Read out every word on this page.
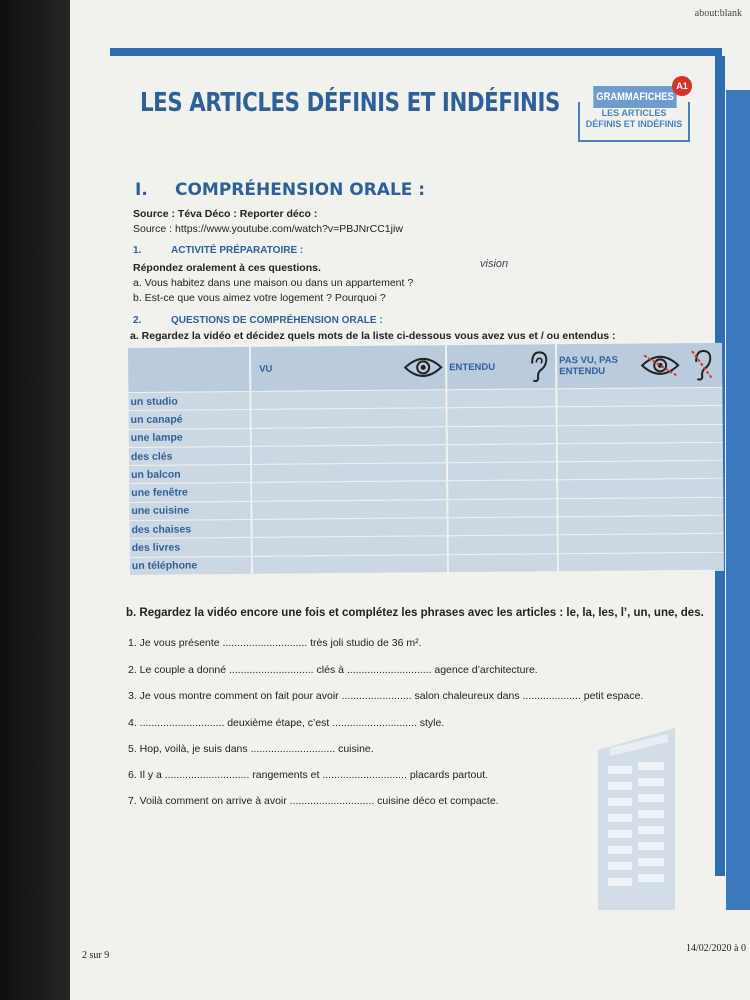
about:blank
LES ARTICLES DÉFINIS ET INDÉFINIS	LES ARTICLES
DÉFINIS ET INDÉFINIS
GRAMMAFICHES
A1
I. COMPRÉHENSION ORALE :
Source : Téva Déco : Reporter déco :
Source : https://www.youtube.com/watch?v=PBJNrCC1jiw
1.	ACTIVITÉ PRÉPARATOIRE :
Répondez oralement à ces questions.
a. Vous habitez dans une maison ou dans un appartement ?
b. Est-ce que vous aimez votre logement ? Pourquoi ?
vision
2.	QUESTIONS DE COMPRÉHENSION ORALE :
a. Regardez la vidéo et décidez quels mots de la liste ci-dessous vous avez vus et / ou entendus :

	VU	ENTENDU	PAS VU, PAS ENTENDU

un studio			
un canapé			
une lampe			
des clés			
un balcon			
une fenêtre			
une cuisine			
des chaises			
des livres			
un téléphone			
b. Regardez la vidéo encore une fois et complétez les phrases avec les articles : le, la, les, l’, un, une, des.
1. Je vous présente ............................. très joli studio de 36 m².
2. Le couple a donné ............................. clés à ............................. agence d’architecture.
3. Je vous montre comment on fait pour avoir ........................ salon chaleureux dans .................... petit espace.
4. ............................. deuxième étape, c’est ............................. style.
5. Hop, voilà, je suis dans ............................. cuisine.
6. Il y a ............................. rangements et ............................. placards partout.
7. Voilà comment on arrive à avoir ............................. cuisine déco et compacte.
2 sur 9
14/02/2020 à 0
